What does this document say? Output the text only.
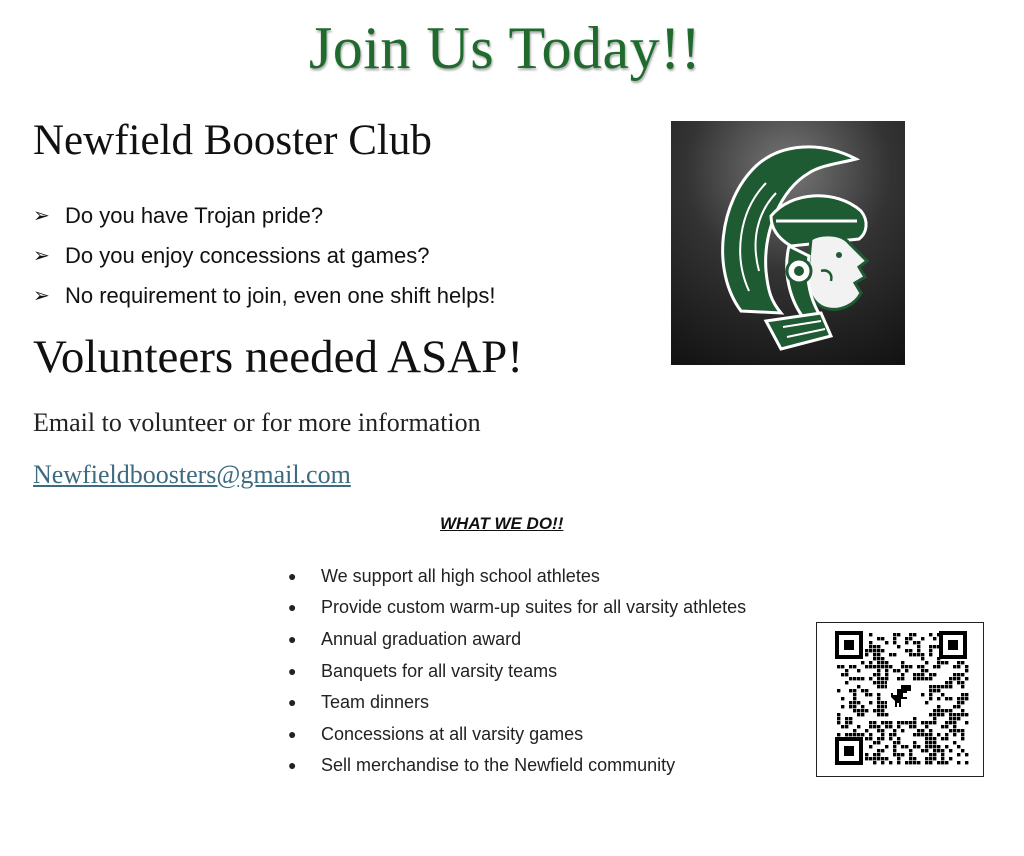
Join Us Today!!
Newfield Booster Club
➢ Do you have Trojan pride?
➢ Do you enjoy concessions at games?
➢ No requirement to join, even one shift helps!
Volunteers needed ASAP!
Email to volunteer or for more information
Newfieldboosters@gmail.com
WHAT WE DO!!
●	We support all high school athletes
●	Provide custom warm-up suites for all varsity athletes
●	Annual graduation award
●	Banquets for all varsity teams
●	Team dinners
●	Concessions at all varsity games
●	Sell merchandise to the Newfield community
